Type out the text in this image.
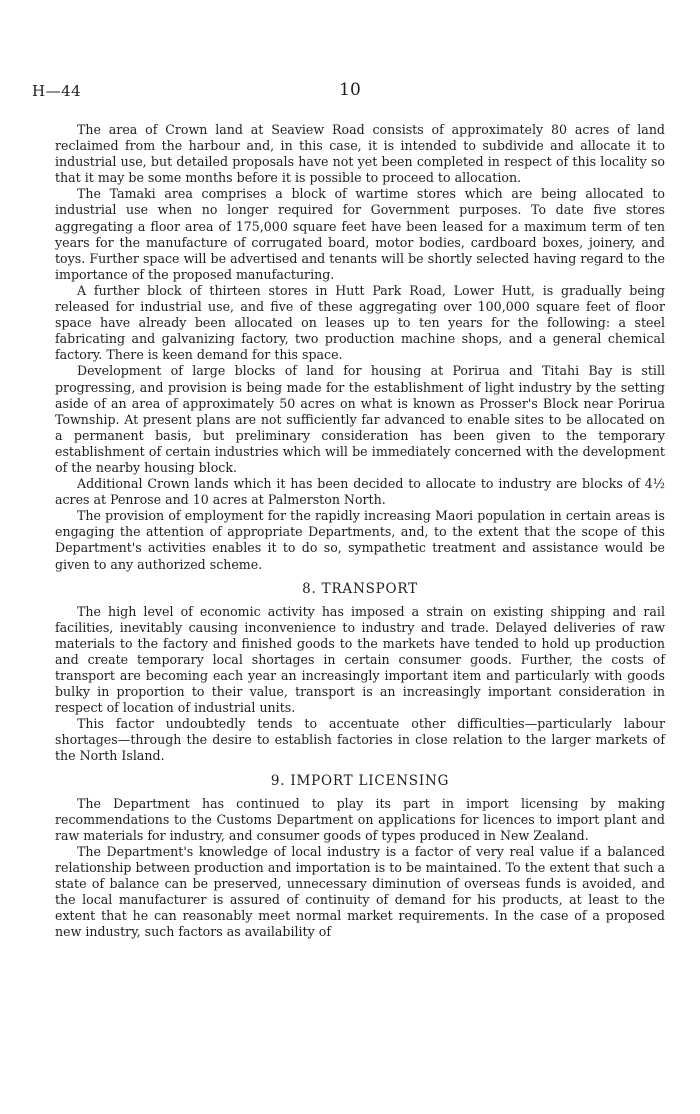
H—44	10

The area of Crown land at Seaview Road consists of approximately 80 acres of land reclaimed from the harbour and, in this case, it is intended to subdivide and allocate it to industrial use, but detailed proposals have not yet been completed in respect of this locality so that it may be some months before it is possible to proceed to allocation.

The Tamaki area comprises a block of wartime stores which are being allocated to industrial use when no longer required for Government purposes. To date five stores aggregating a floor area of 175,000 square feet have been leased for a maximum term of ten years for the manufacture of corrugated board, motor bodies, cardboard boxes, joinery, and toys. Further space will be advertised and tenants will be shortly selected having regard to the importance of the proposed manufacturing.

A further block of thirteen stores in Hutt Park Road, Lower Hutt, is gradually being released for industrial use, and five of these aggregating over 100,000 square feet of floor space have already been allocated on leases up to ten years for the following: a steel fabricating and galvanizing factory, two production machine shops, and a general chemical factory. There is keen demand for this space.

Development of large blocks of land for housing at Porirua and Titahi Bay is still progressing, and provision is being made for the establishment of light industry by the setting aside of an area of approximately 50 acres on what is known as Prosser's Block near Porirua Township. At present plans are not sufficiently far advanced to enable sites to be allocated on a permanent basis, but preliminary consideration has been given to the temporary establishment of certain industries which will be immediately concerned with the development of the nearby housing block.

Additional Crown lands which it has been decided to allocate to industry are blocks of 4½ acres at Penrose and 10 acres at Palmerston North.

The provision of employment for the rapidly increasing Maori population in certain areas is engaging the attention of appropriate Departments, and, to the extent that the scope of this Department's activities enables it to do so, sympathetic treatment and assistance would be given to any authorized scheme.

8. TRANSPORT

The high level of economic activity has imposed a strain on existing shipping and rail facilities, inevitably causing inconvenience to industry and trade. Delayed deliveries of raw materials to the factory and finished goods to the markets have tended to hold up production and create temporary local shortages in certain consumer goods. Further, the costs of transport are becoming each year an increasingly important item and particularly with goods bulky in proportion to their value, transport is an increasingly important consideration in respect of location of industrial units.

This factor undoubtedly tends to accentuate other difficulties—particularly labour shortages—through the desire to establish factories in close relation to the larger markets of the North Island.

9. IMPORT LICENSING

The Department has continued to play its part in import licensing by making recommendations to the Customs Department on applications for licences to import plant and raw materials for industry, and consumer goods of types produced in New Zealand.

The Department's knowledge of local industry is a factor of very real value if a balanced relationship between production and importation is to be maintained. To the extent that such a state of balance can be preserved, unnecessary diminution of overseas funds is avoided, and the local manufacturer is assured of continuity of demand for his products, at least to the extent that he can reasonably meet normal market requirements. In the case of a proposed new industry, such factors as availability of
